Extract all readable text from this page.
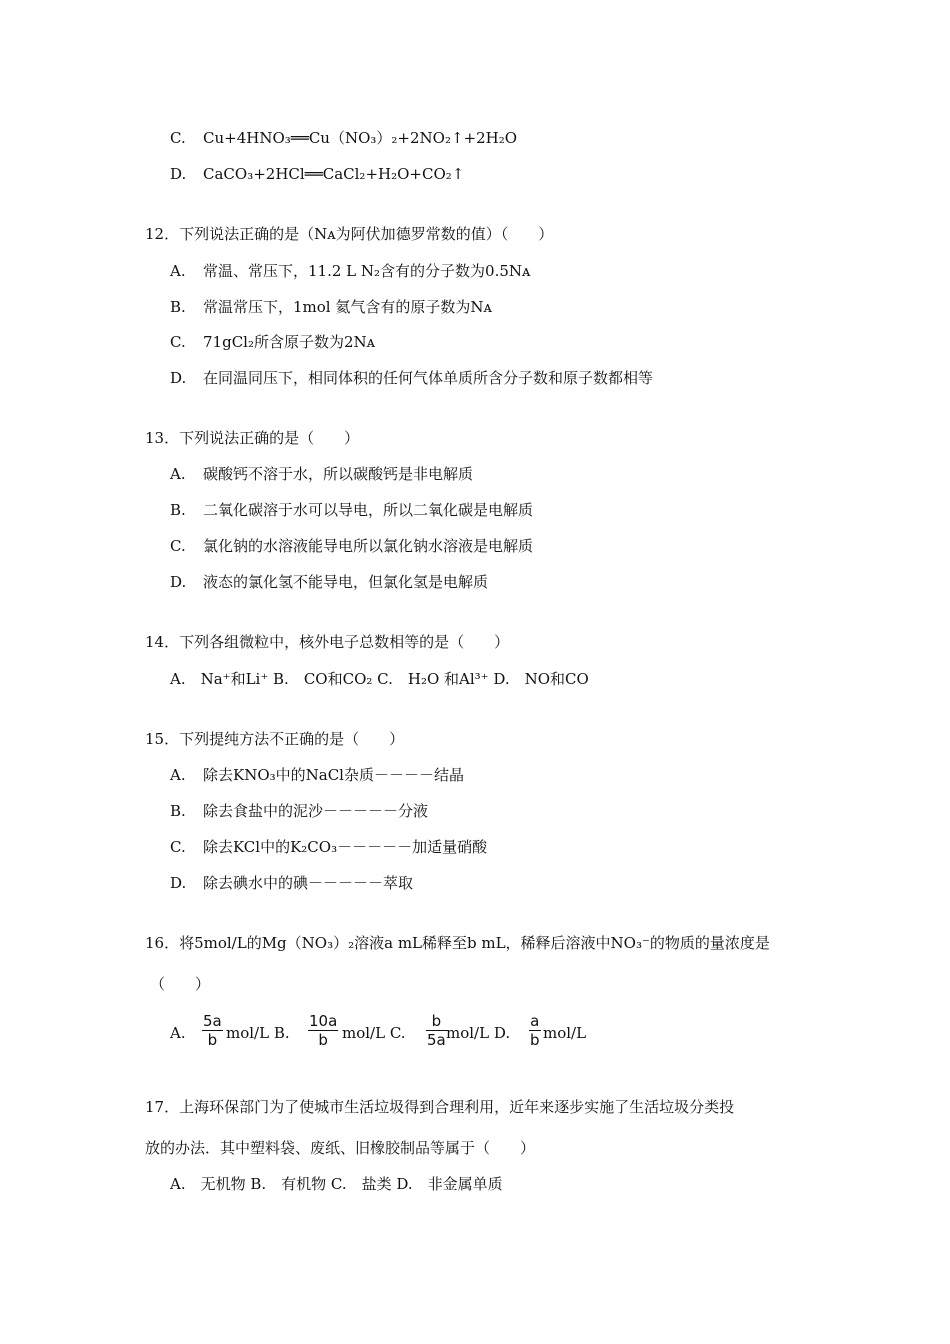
C. Cu+4HNO₃══Cu（NO₃）₂+2NO₂↑+2H₂O
D. CaCO₃+2HCl══CaCl₂+H₂O+CO₂↑
12．下列说法正确的是（Nᴀ为阿伏加德罗常数的值）（　　）
A. 常温、常压下，11.2 L N₂含有的分子数为0.5Nᴀ
B. 常温常压下，1mol 氦气含有的原子数为Nᴀ
C. 71gCl₂所含原子数为2Nᴀ
D. 在同温同压下，相同体积的任何气体单质所含分子数和原子数都相等
13．下列说法正确的是（　　）
A. 碳酸钙不溶于水，所以碳酸钙是非电解质
B. 二氧化碳溶于水可以导电，所以二氧化碳是电解质
C. 氯化钠的水溶液能导电所以氯化钠水溶液是电解质
D. 液态的氯化氢不能导电，但氯化氢是电解质
14．下列各组微粒中，核外电子总数相等的是（　　）
A.　Na⁺和Li⁺ B.　CO和CO₂ C.　H₂O 和Al³⁺ D.　NO和CO
15．下列提纯方法不正确的是（　　）
A. 除去KNO₃中的NaCl杂质－－－－结晶
B. 除去食盐中的泥沙－－－－－分液
C. 除去KCl中的K₂CO₃－－－－－加适量硝酸
D. 除去碘水中的碘－－－－－萃取
16．将5mol/L的Mg（NO₃）₂溶液a mL稀释至b mL，稀释后溶液中NO₃⁻的物质的量浓度是
（　　）
A. $\frac{5a}{b} mol/L$ B. $\frac{10a}{b} mol/L$ C. $\frac{b}{5a} mol/L$ D. $\frac{a}{b} mol/L$
17．上海环保部门为了使城市生活垃圾得到合理利用，近年来逐步实施了生活垃圾分类投
放的办法．其中塑料袋、废纸、旧橡胶制品等属于（　　）
A.　无机物 B.　有机物 C.　盐类 D.　非金属单质
